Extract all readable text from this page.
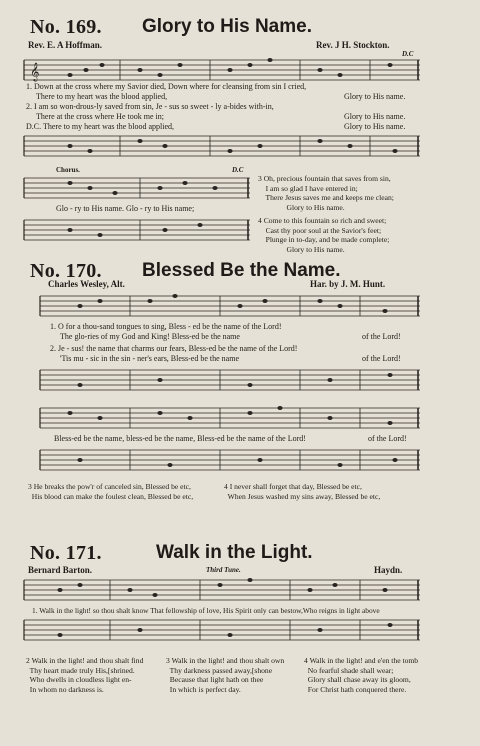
No. 169. Glory to His Name.
Rev. E. A Hoffman.	Rev. J H. Stockton.
D.C
𝄞
1. Down at the cross where my Savior died, Down where for cleansing from sin I cried,
There to my heart was the blood applied,
2. I am so won-drous-ly saved from sin, Je - sus so sweet - ly a-bides with-in,
There at the cross where He took me in;
D.C. There to my heart was the blood applied,
Glory to His name.
Glory to His name.
Glory to His name.
Chorus.	D.C
Glo - ry to His name. Glo - ry to His name;
3 Oh, precious fountain that saves from sin,
I am so glad I have entered in;
There Jesus saves me and keeps me clean;
Glory to His name.
4 Come to this fountain so rich and sweet;
Cast thy poor soul at the Savior's feet;
Plunge in to-day, and be made complete;
Glory to His name.
No. 170. Blessed Be the Name.
Charles Wesley, Alt.	Har. by J. M. Hunt.
1. O for a thou-sand tongues to sing, Bless - ed be the name of the Lord!
The glo-ries of my God and King! Bless-ed be the name
2. Je - sus! the name that charms our fears, Bless-ed be the name of the Lord!
'Tis mu - sic in the sin - ner's ears, Bless-ed be the name
of the Lord!
of the Lord!
Bless-ed be the name, bless-ed be the name, Bless-ed be the name of the Lord!	of the Lord!
3 He breaks the pow'r of canceled sin, Blessed be etc,
His blood can make the foulest clean, Blessed be etc,
4 I never shall forget that day, Blessed be etc,
When Jesus washed my sins away, Blessed be etc,
No. 171.	Walk in the Light.
Bernard Barton.	Third Tune.	Haydn.
1. Walk in the light! so thou shalt know That fellowship of love, His Spirit only can bestow,Who reigns in light above
2 Walk in the light! and thou shalt find
Thy heart made truly His,[shrined.
Who dwells in cloudless light en-
In whom no darkness is.
3 Walk in the light! and thou shalt own
Thy darkness passed away,[shone
Because that light hath on thee
In which is perfect day.
4 Walk in the light! and e'en the tomb
No fearful shade shall wear;
Glory shall chase away its gloom,
For Christ hath conquered there.
